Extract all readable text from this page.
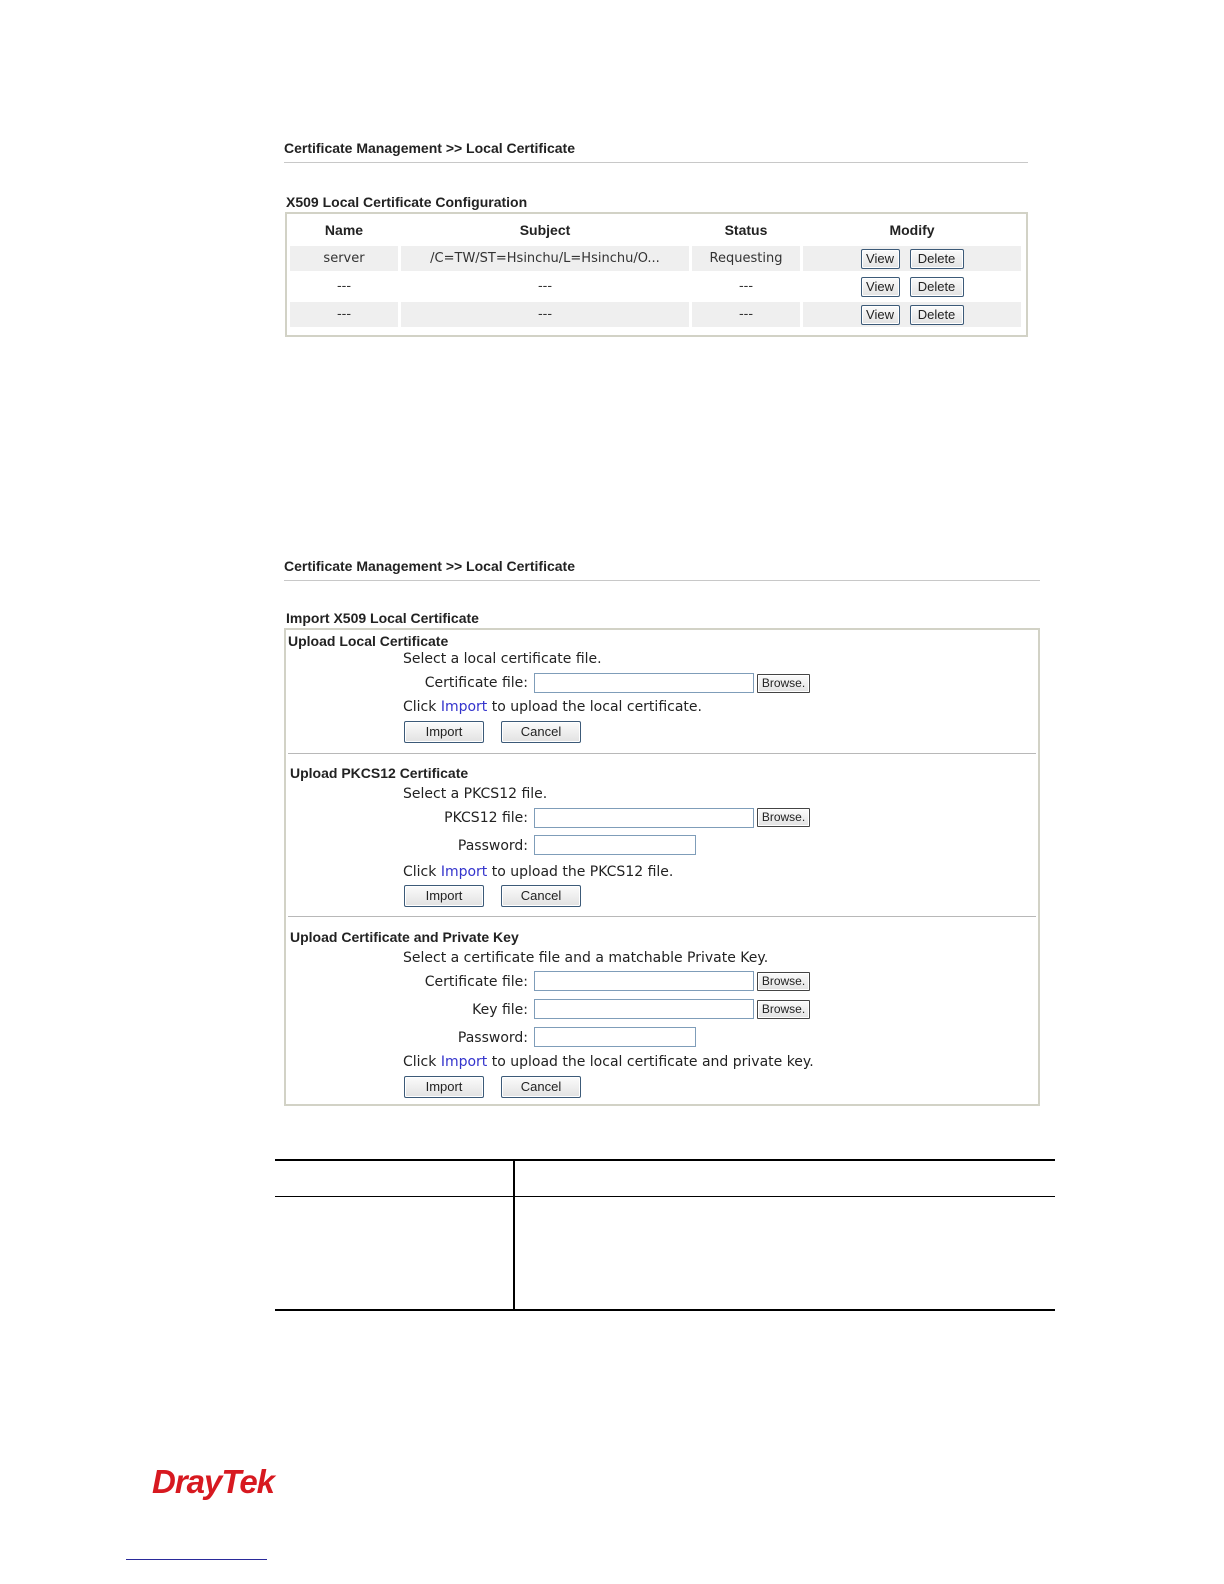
Certificate Management >> Local Certificate
X509 Local Certificate Configuration
Name	Subject	Status	Modify
server	/C=TW/ST=Hsinchu/L=Hsinchu/O...	Requesting	View Delete
---	---	---	View Delete
---	---	---	View Delete
Certificate Management >> Local Certificate
Import X509 Local Certificate
Upload Local Certificate
Select a local certificate file.
Certificate file:	Browse.
Click Import to upload the local certificate.
Import	Cancel
Upload PKCS12 Certificate
Select a PKCS12 file.
PKCS12 file:	Browse.
Password:
Click Import to upload the PKCS12 file.
Import	Cancel
Upload Certificate and Private Key
Select a certificate file and a matchable Private Key.
Certificate file:	Browse.
Key file:	Browse.
Password:
Click Import to upload the local certificate and private key.
Import	Cancel
DrayTek
